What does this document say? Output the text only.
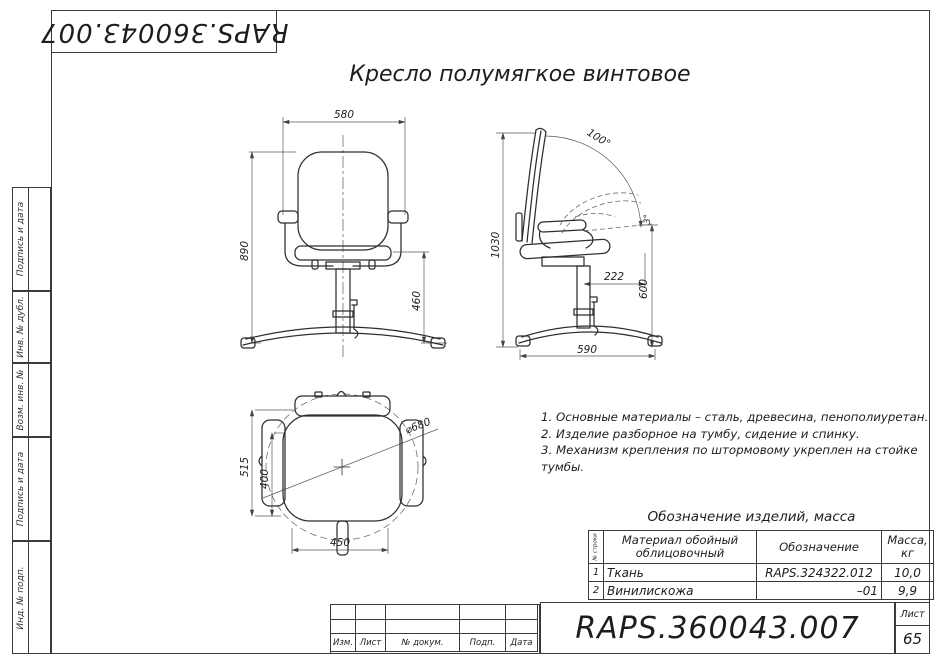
RAPS.360043.007
Кресло полумягкое винтовое
Подпись и дата
Инв. № дубл.
Возм. инв. №
Подпись и дата
Инд. № подп.
580
890
460
100°
1030
3°
222
600
590
⌀680
515
400
450
1. Основные материалы – сталь, древесина, пенополиуретан.
2. Изделие разборное на тумбу, сидение и спинку.
3. Механизм крепления по штормовому укреплен на стойке тумбы.
Обозначение изделий, масса
№ строки	Материал обойный облицовочный	Обозначение	Масса,
кг
1	Ткань	RAPS.324322.012	10,0
2	Винилискожа	–01	9,9
Изм. Лист	№ докум.	Подп.	Дата	RAPS.360043.007	Лист
65
